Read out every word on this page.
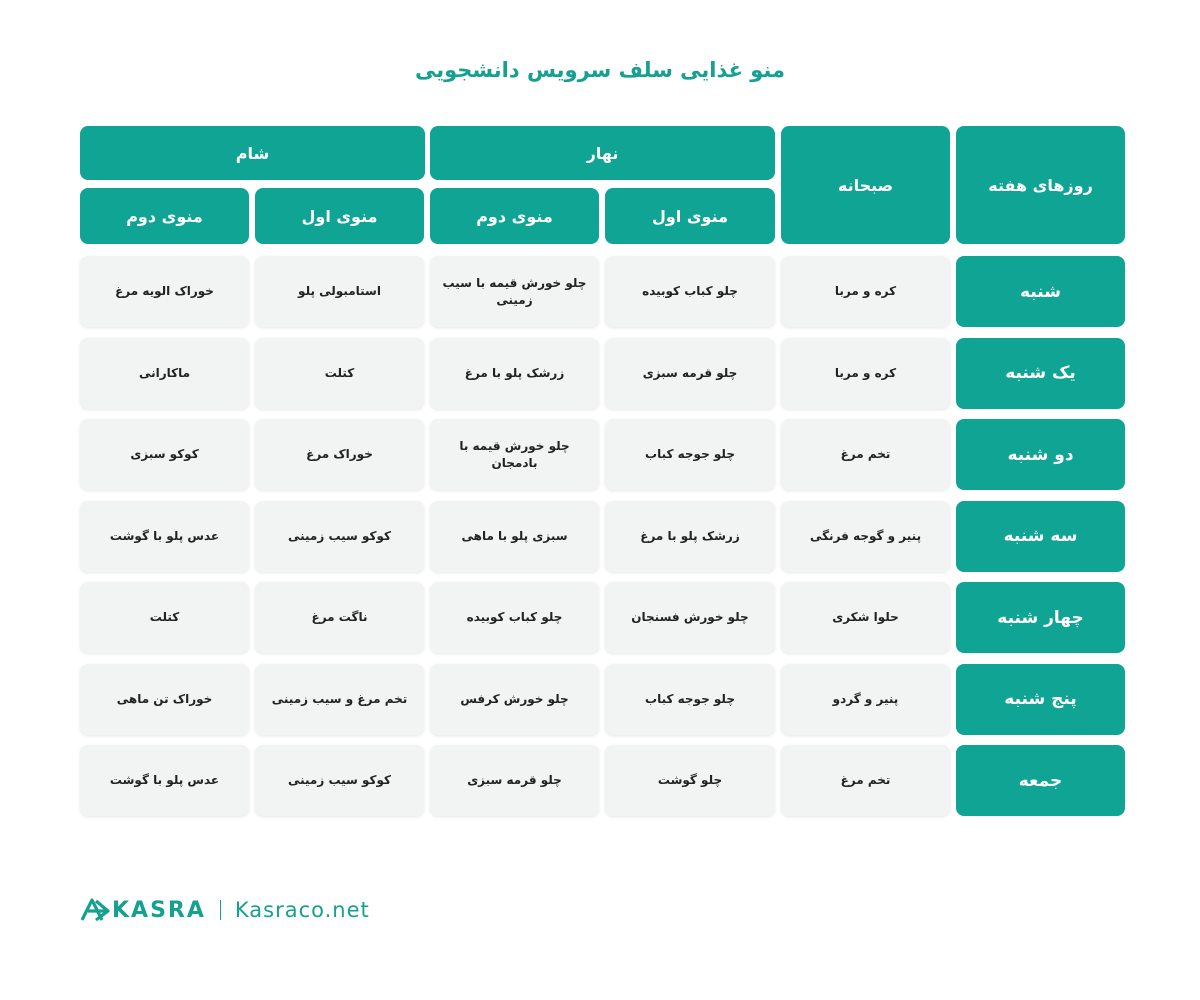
منو غذایی سلف سرویس دانشجویی
روزهای هفته
صبحانه
نهار
شام
منوی اول
منوی دوم
منوی اول
منوی دوم
شنبه
کره و مربا
چلو کباب کوبیده
چلو خورش قیمه با سیب زمینی
استامبولی پلو
خوراک الویه مرغ
یک شنبه
کره و مربا
چلو قرمه سبزی
زرشک پلو با مرغ
کتلت
ماکارانی
دو شنبه
تخم مرغ
چلو جوجه کباب
چلو خورش قیمه با بادمجان
خوراک مرغ
کوکو سبزی
سه شنبه
پنیر و گوجه فرنگی
زرشک پلو با مرغ
سبزی پلو با ماهی
کوکو سیب زمینی
عدس پلو با گوشت
چهار شنبه
حلوا شکری
چلو خورش فسنجان
چلو کباب کوبیده
ناگت مرغ
کتلت
پنج شنبه
پنیر و گردو
چلو جوجه کباب
چلو خورش کرفس
تخم مرغ و سیب زمینی
خوراک تن ماهی
جمعه
تخم مرغ
چلو گوشت
چلو قرمه سبزی
کوکو سیب زمینی
عدس پلو با گوشت
KASRA Kasraco.net
